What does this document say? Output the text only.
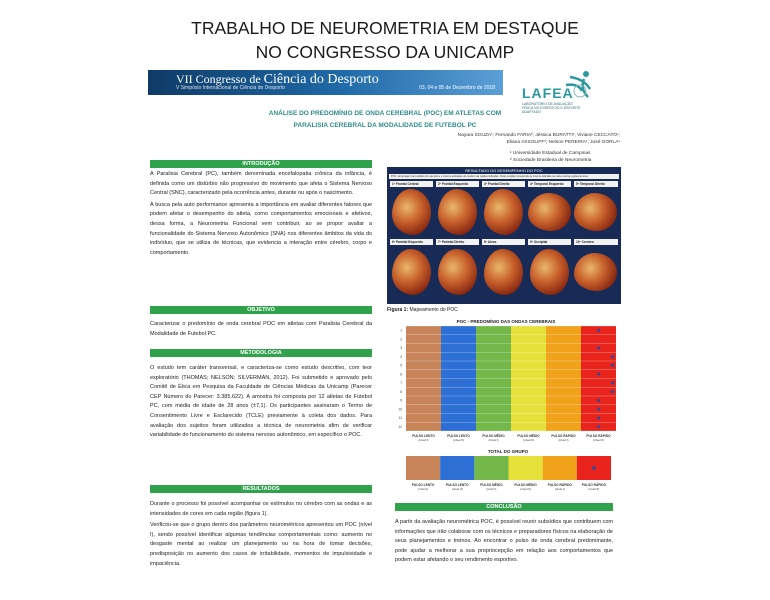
TRABALHO DE NEUROMETRIA EM DESTAQUE
NO CONGRESSO DA UNICAMP
VII Congresso de Ciência do Desporto
V Simpósio Internacional de Ciência do Desporto	03, 04 e 05 de Dezembro de 2018 LAFEA
LABORATÓRIO DE AVALIAÇÃO FÍSICA NO EXERCÍCIO E ESPORTE ADAPTADO
ANÁLISE DO PREDOMÍNIO DE ONDA CEREBRAL (POC) EM ATLETAS COM
PARALISIA CEREBRAL DA MODALIDADE DE FUTEBOL PC
Nayara SOUZA¹; Fernando FARIA²; Jéssica BURATTI¹; Viviane CECCATO¹;
Eliana ASSOLIFF¹; Nelson PEREIRA¹; José GORLA¹
¹ Universidade Estadual de Campinas
² Sociedade Brasileira de Neurometria
INTRODUÇÃO

A Paralisia Cerebral (PC), também denominada encefalopatia crônica da infância, é definida como um distúrbio não progressivo do movimento que afeta o Sistema Nervoso Central (SNC), caracterizado pela ocorrência antes, durante ou após o nascimento.

A busca pela auto performance apresenta a importância em avaliar diferentes fatores que podem afetar o desempenho do atleta, como comportamentos emocionais e afetivos, dessa forma, a Neurometria Funcional vem contribuir, ao se propor avaliar a funcionalidade do Sistema Nervoso Autonômico (SNA) nos diferentes âmbitos da vida do indivíduo, que se utiliza de técnicas, que evidencia a interação entre cérebro, corpo e comportamento.

OBJETIVO

Caracterizar o predomínio de onda cerebral POC em atletas com Paralisia Cerebral da Modalidade de Futebol PC.

METODOLOGIA

O estudo tem caráter transversal, e caracteriza-se como estudo descritivo, com teor exploratório (THOMAS; NELSON; SILVERMAN, 2012). Foi submetido e aprovado pelo Comitê de Ética em Pesquisa da Faculdade de Ciências Médicas da Unicamp (Parecer CEP Número do Parecer: 3.385.622). A amostra foi composta por 12 atletas de Futebol PC, com média de idade de 28 anos (±7,1). Os participantes assinaram o Termo de Consentimento Livre e Esclarecido (TCLE) previamente à coleta dos dados. Para avaliação dos sujeitos foram utilizados a técnica de neurometria afim de verificar variabilidade do funcionamento do sistema nervoso autonômico, em específico o POC.

RESULTADOS

Durante o processo foi possível acompanhar os estímulos no cérebro com as ondas e as intensidades de cores em cada região (figura 1).

Verificou-se que o grupo dentro dos parâmetros neurométricos apresentou um POC (nível I), sendo possível identificar algumas tendências comportamentais como: aumento no desgaste mental ao realizar um planejamento ou na hora de tomar decisões, predisposição no aumento dos casos de irritabilidade, momentos de impulsividade e impaciência.

RESULTADO DO DESEMPENHO DO POC
POC: amostragem da medição com atenção e o nível de atividades do cérebro nas regiões indicadas. Onde a região corresponde ao nível de atividade de cada uma das regiões da área.
1º Frontal Central	2º Frontal Esquerdo	3º Frontal Direito	4º Temporal Esquerdo	5º Temporal Direito
6º Parietal Esquerdo	7º Parietal Direito	8º Alvos	9º Occipital	10º Cerebro
Figura 1: Mapeamento do POC
POC - PREDOMÍNIO DAS ONDAS CEREBRAIS
1
2
3
4
5
6
7
8
9
10
11
12
PULSO LENTO
(nível I)
PULSO LENTO
(nível II)
PULSO MÉDIO
(nível I)
PULSO MÉDIO
(nível II)
PULSO RÁPIDO
(nível I)
PULSO RÁPIDO
(nível II)
TOTAL DO GRUPO
PULSO LENTO
(nível I)
PULSO LENTO
(nível II)
PULSO MÉDIO
(nível I)
PULSO MÉDIO
(nível II)
PULSO RÁPIDO
(nível I)
PULSO RÁPIDO
(nível II)
CONCLUSÃO

A partir da avaliação neurométrica POC, é possível reunir subsídios que contribuem com informações que irão colaborar com os técnicos e preparadores físicos na elaboração de seus planejamentos e treinos. Ao encontrar o pulso de onda cerebral predominante, pode ajudar a melhorar a sua propriocepção em relação aos comportamentos que podem estar afetando o seu rendimento esportivo.
